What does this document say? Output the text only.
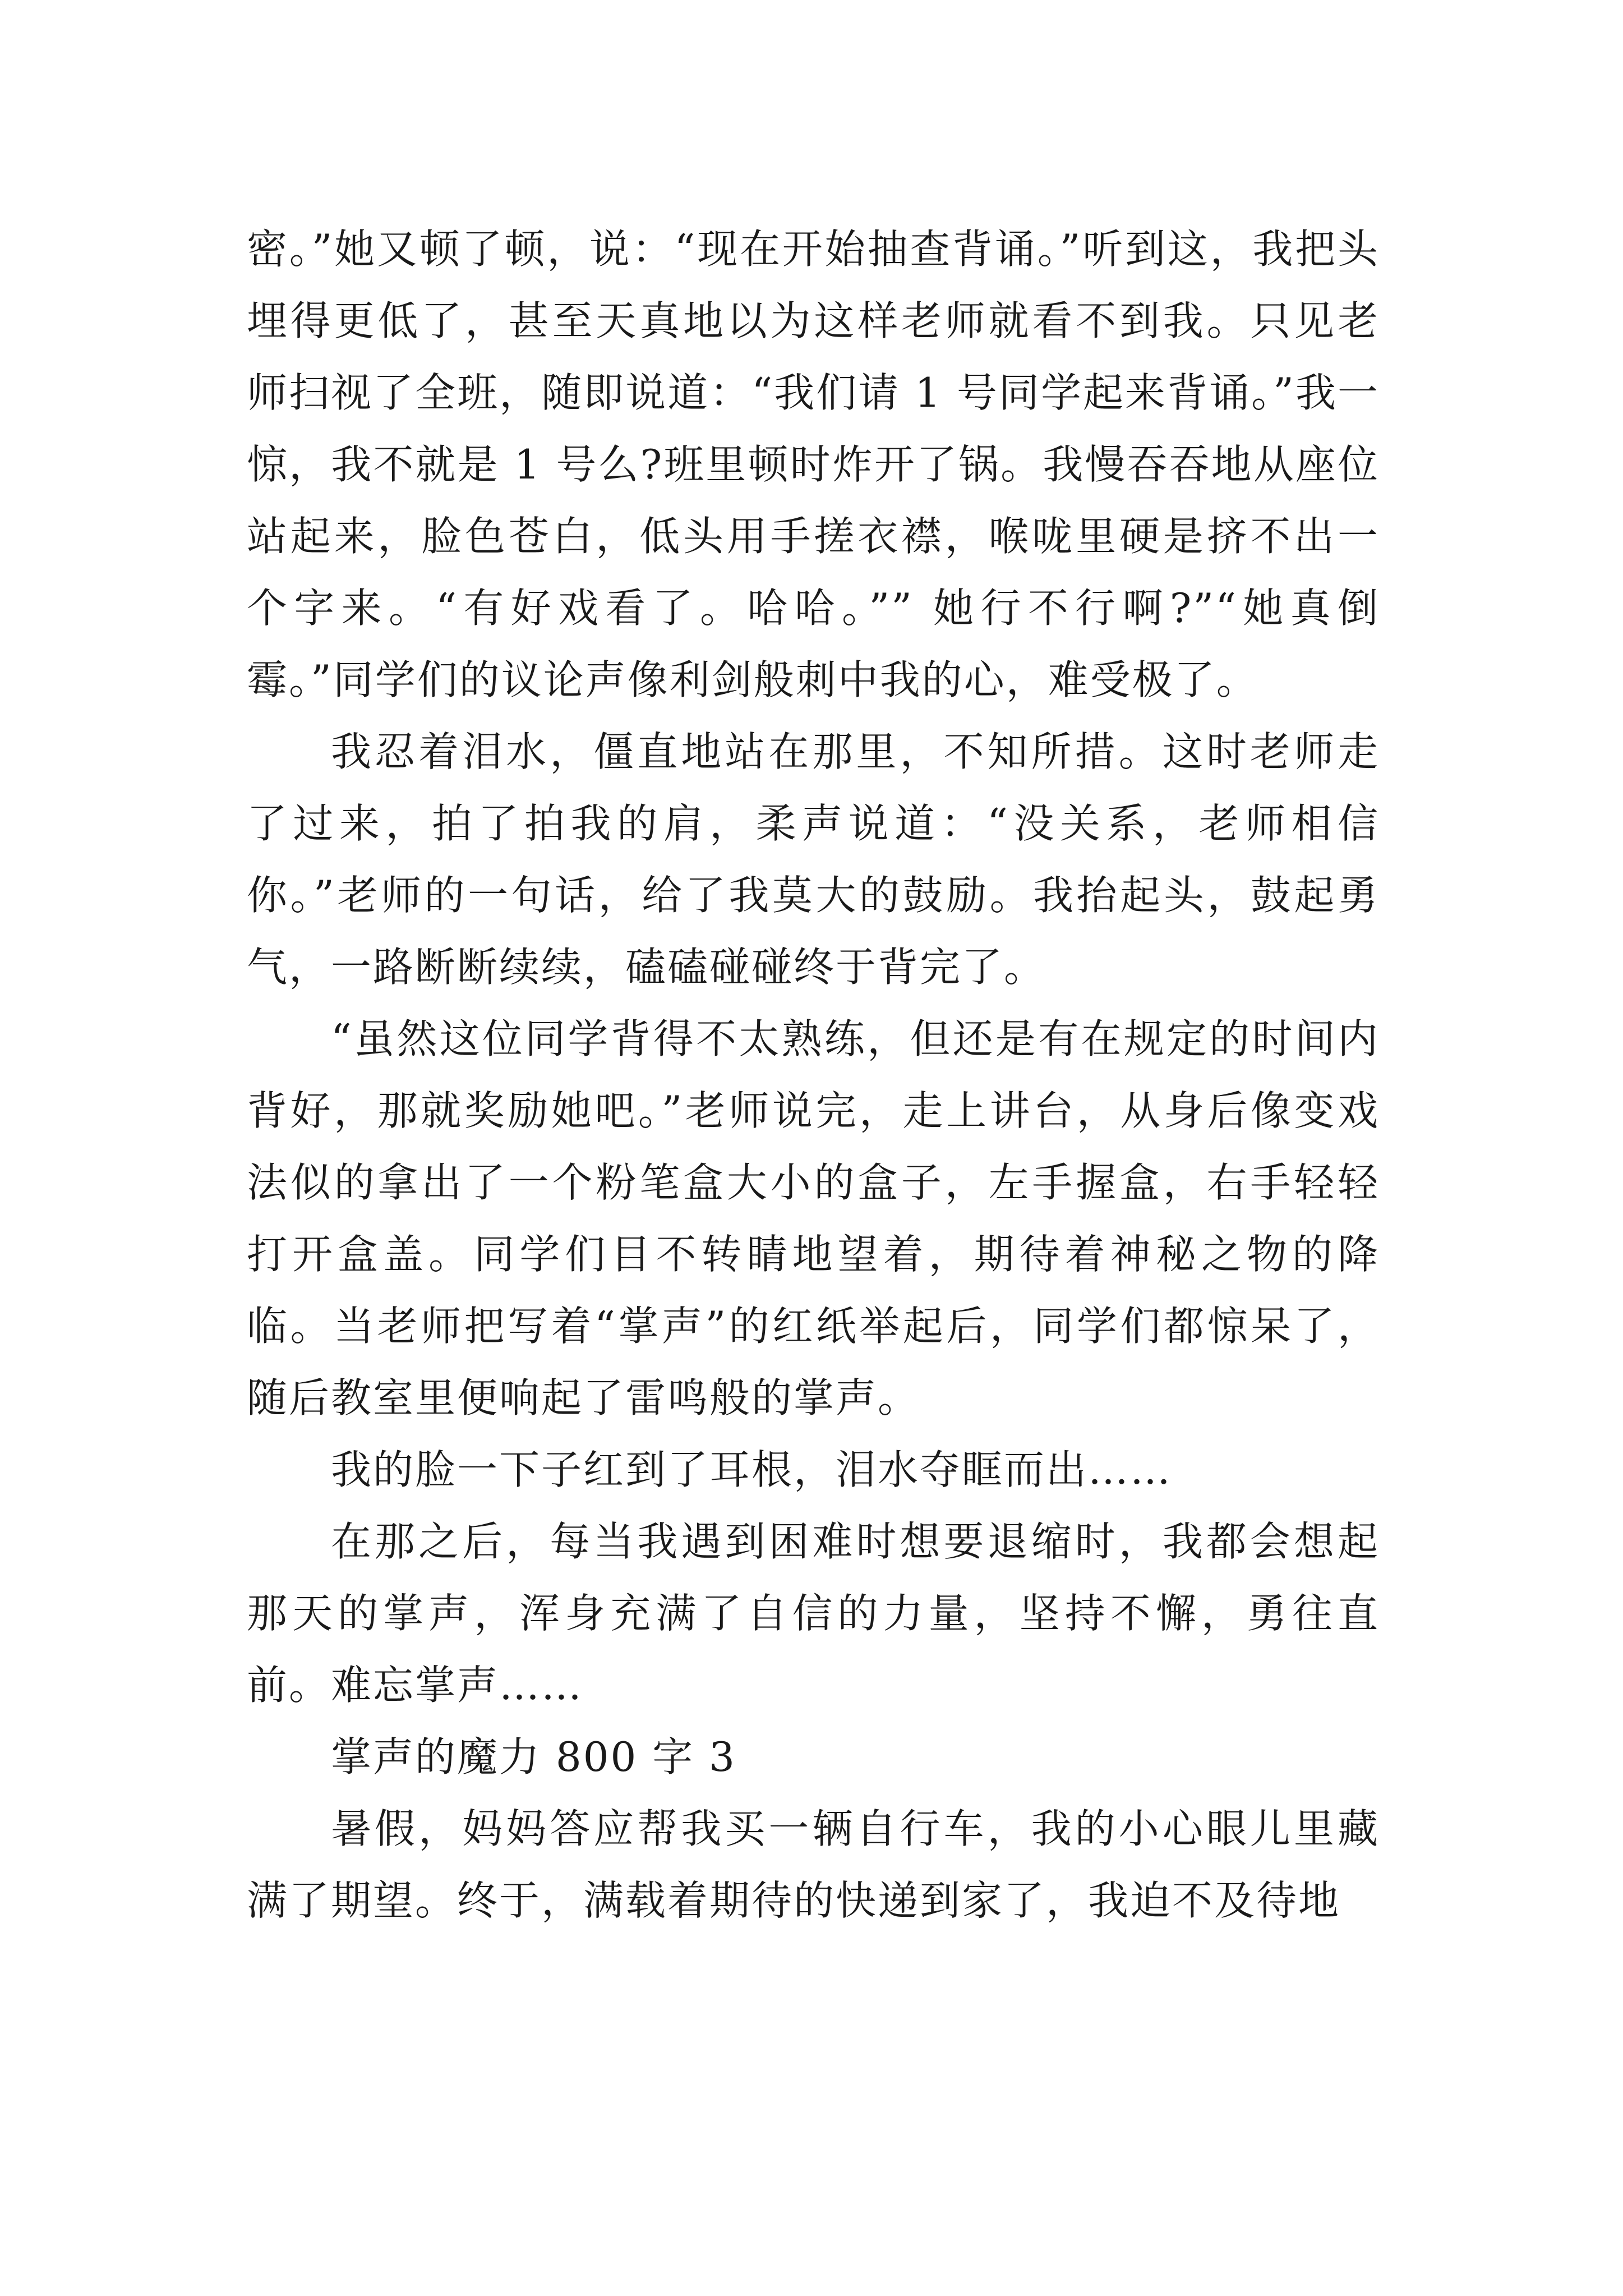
密。”她又顿了顿，说：“现在开始抽查背诵。”听到这，我把头埋得更低了，甚至天真地以为这样老师就看不到我。只见老师扫视了全班，随即说道：“我们请 1 号同学起来背诵。”我一惊，我不就是 1 号么?班里顿时炸开了锅。我慢吞吞地从座位站起来，脸色苍白，低头用手搓衣襟，喉咙里硬是挤不出一个字来。“有好戏看了。哈哈。”” 她行不行啊?”“她真倒霉。”同学们的议论声像利剑般刺中我的心，难受极了。

我忍着泪水，僵直地站在那里，不知所措。这时老师走了过来，拍了拍我的肩，柔声说道：“没关系，老师相信你。”老师的一句话，给了我莫大的鼓励。我抬起头，鼓起勇气，一路断断续续，磕磕碰碰终于背完了。

“虽然这位同学背得不太熟练，但还是有在规定的时间内背好，那就奖励她吧。”老师说完，走上讲台，从身后像变戏法似的拿出了一个粉笔盒大小的盒子，左手握盒，右手轻轻打开盒盖。同学们目不转睛地望着，期待着神秘之物的降临。当老师把写着“掌声”的红纸举起后，同学们都惊呆了，随后教室里便响起了雷鸣般的掌声。

我的脸一下子红到了耳根，泪水夺眶而出……

在那之后，每当我遇到困难时想要退缩时，我都会想起那天的掌声，浑身充满了自信的力量，坚持不懈，勇往直前。难忘掌声……

掌声的魔力 800 字 3

暑假，妈妈答应帮我买一辆自行车，我的小心眼儿里藏满了期望。终于，满载着期待的快递到家了，我迫不及待地
